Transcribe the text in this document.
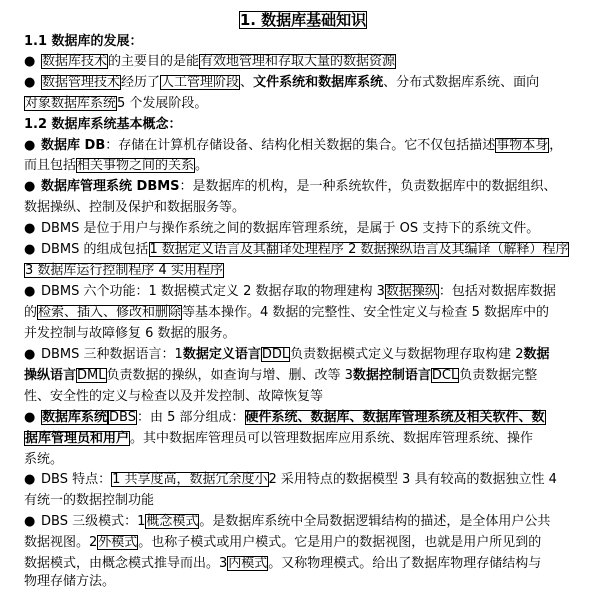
1. 数据库基础知识
1.1 数据库的发展：
● 数据库技术的主要目的是能有效地管理和存取大量的数据资源
● 数据管理技术经历了人工管理阶段、文件系统和数据库系统、分布式数据库系统、面向
对象数据库系统5 个发展阶段。
1.2 数据库系统基本概念：
● 数据库 DB：存储在计算机存储设备、结构化相关数据的集合。它不仅包括描述事物本身，
而且包括相关事物之间的关系。
● 数据库管理系统 DBMS：是数据库的机构，是一种系统软件，负责数据库中的数据组织、
数据操纵、控制及保护和数据服务等。
● DBMS 是位于用户与操作系统之间的数据库管理系统，是属于 OS 支持下的系统文件。
● DBMS 的组成包括1 数据定义语言及其翻译处理程序 2 数据操纵语言及其编译（解释）程序
3 数据库运行控制程序 4 实用程序
● DBMS 六个功能：1 数据模式定义 2 数据存取的物理建构 3数据操纵：包括对数据库数据
的检索、插入、修改和删除等基本操作。4 数据的完整性、安全性定义与检查 5 数据库中的
并发控制与故障修复 6 数据的服务。
● DBMS 三种数据语言：1数据定义语言DDL负责数据模式定义与数据物理存取构建 2数据
操纵语言DML负责数据的操纵，如查询与增、删、改等 3数据控制语言DCL负责数据完整
性、安全性的定义与检查以及并发控制、故障恢复等
● 数据库系统 DBS：由 5 部分组成：硬件系统、数据库、数据库管理系统及相关软件、数
据库管理员和用户。其中数据库管理员可以管理数据库应用系统、数据库管理系统、操作
系统。
● DBS 特点：1 共享度高，数据冗余度小2 采用特点的数据模型 3 具有较高的数据独立性 4
有统一的数据控制功能
● DBS 三级模式：1概念模式。是数据库系统中全局数据逻辑结构的描述，是全体用户公共
数据视图。2外模式。也称子模式或用户模式。它是用户的数据视图，也就是用户所见到的
数据模式，由概念模式推导而出。3内模式。又称物理模式。给出了数据库物理存储结构与
物理存储方法。
